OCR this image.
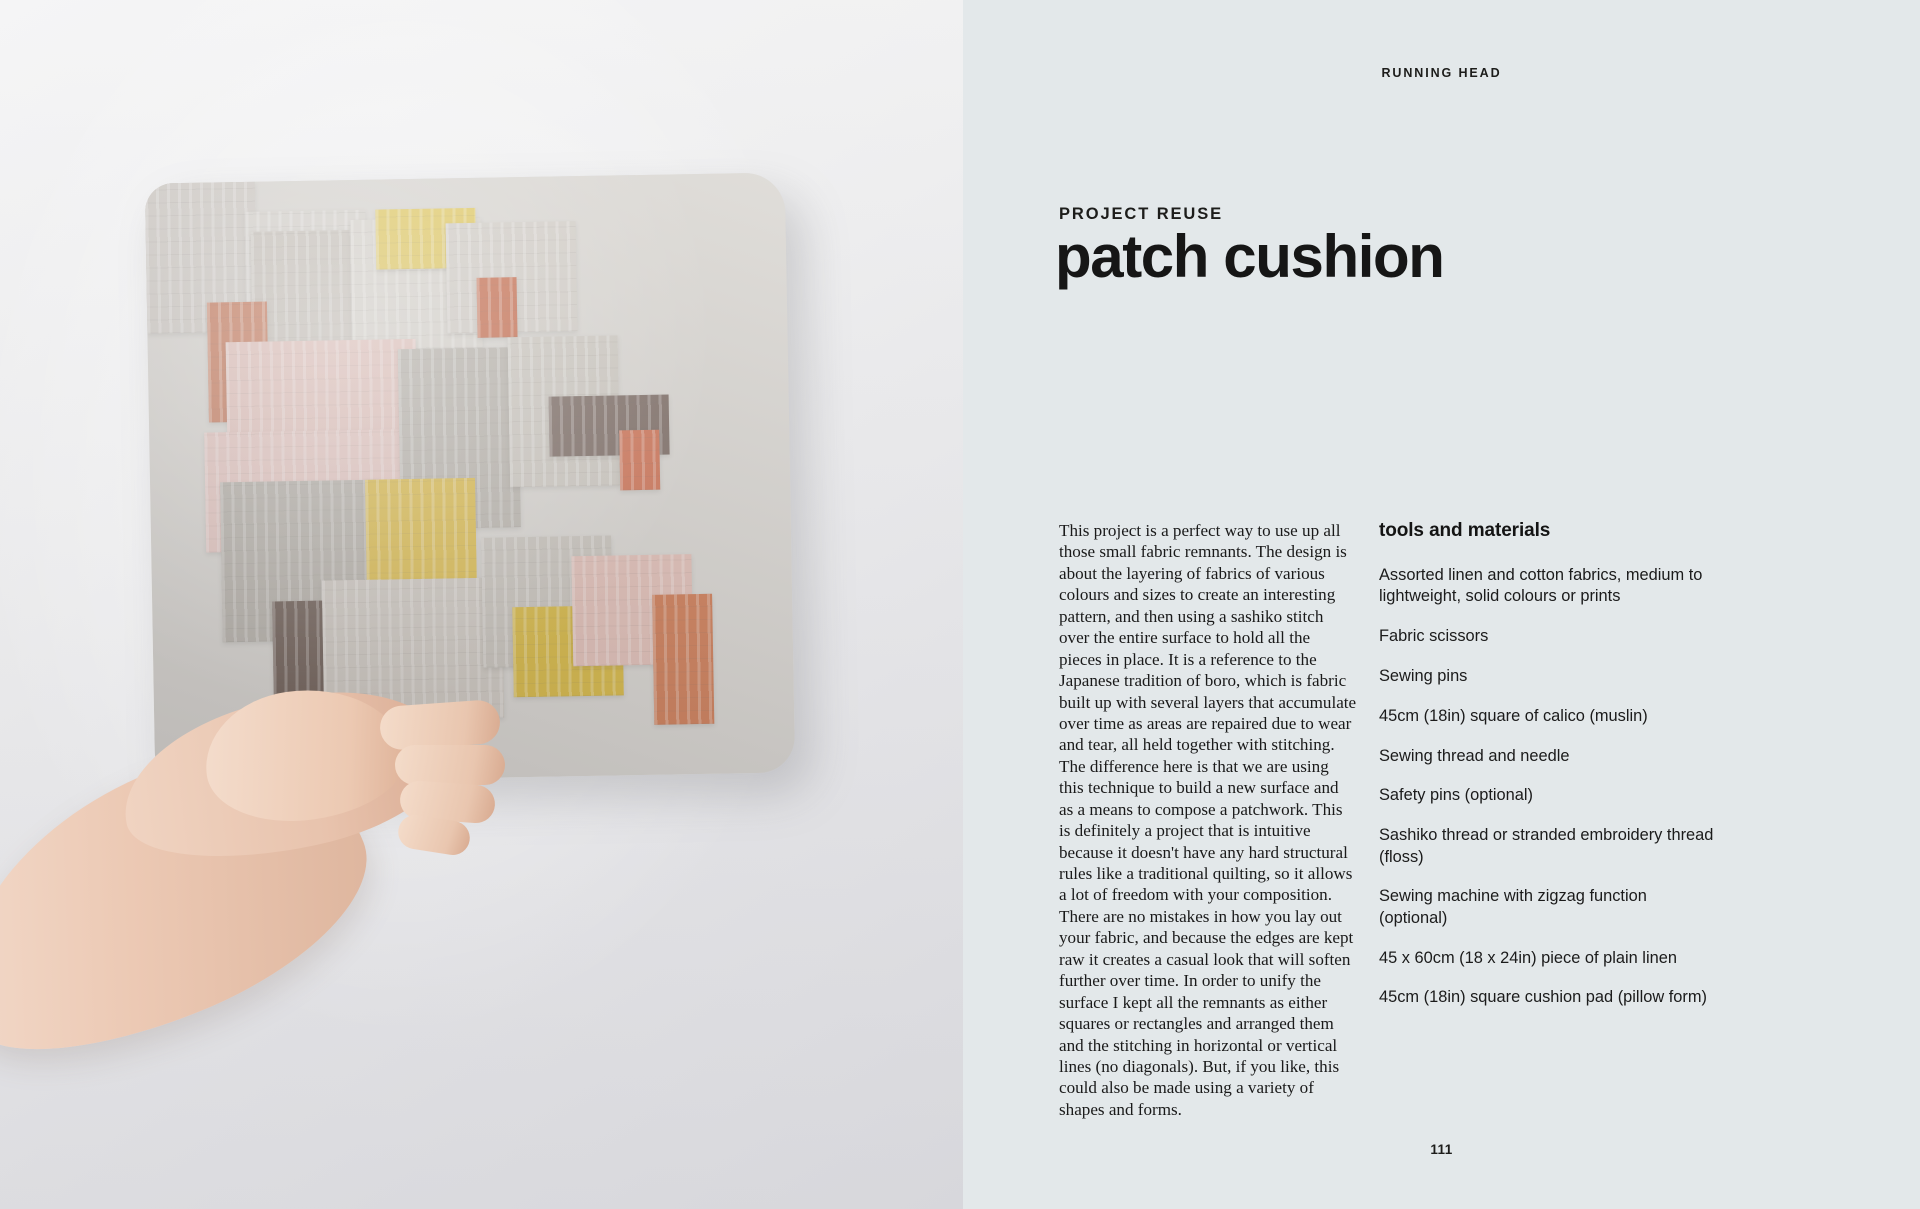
RUNNING HEAD
PROJECT REUSE
patch cushion
This project is a perfect way to use up all those small fabric remnants. The design is about the layering of fabrics of various colours and sizes to create an interesting pattern, and then using a sashiko stitch over the entire surface to hold all the pieces in place. It is a reference to the Japanese tradition of boro, which is fabric built up with several layers that accumulate over time as areas are repaired due to wear and tear, all held together with stitching. The difference here is that we are using this technique to build a new surface and as a means to compose a patchwork. This is definitely a project that is intuitive because it doesn't have any hard structural rules like a traditional quilting, so it allows a lot of freedom with your composition. There are no mistakes in how you lay out your fabric, and because the edges are kept raw it creates a casual look that will soften further over time. In order to unify the surface I kept all the remnants as either squares or rectangles and arranged them and the stitching in horizontal or vertical lines (no diagonals). But, if you like, this could also be made using a variety of shapes and forms.
tools and materials
Assorted linen and cotton fabrics, medium to lightweight, solid colours or prints
Fabric scissors
Sewing pins
45cm (18in) square of calico (muslin)
Sewing thread and needle
Safety pins (optional)
Sashiko thread or stranded embroidery thread (floss)
Sewing machine with zigzag function (optional)
45 x 60cm (18 x 24in) piece of plain linen
45cm (18in) square cushion pad (pillow form)
111
